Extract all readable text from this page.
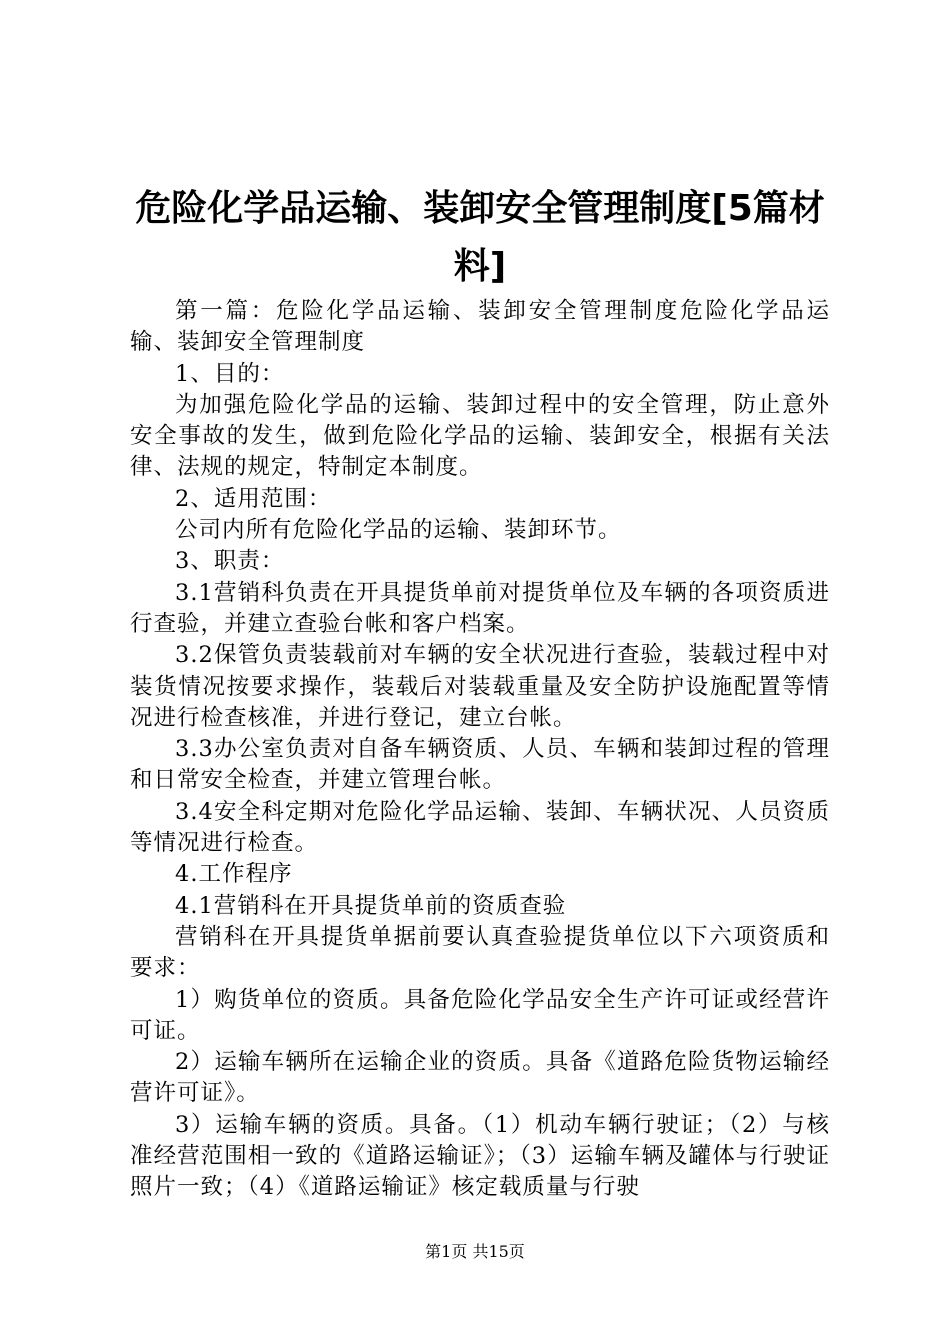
危险化学品运输、装卸安全管理制度[5篇材料]

第一篇：危险化学品运输、装卸安全管理制度危险化学品运输、装卸安全管理制度

1、目的：

为加强危险化学品的运输、装卸过程中的安全管理，防止意外安全事故的发生，做到危险化学品的运输、装卸安全，根据有关法律、法规的规定，特制定本制度。

2、适用范围：

公司内所有危险化学品的运输、装卸环节。

3、职责：

3.1营销科负责在开具提货单前对提货单位及车辆的各项资质进行查验，并建立查验台帐和客户档案。

3.2保管负责装载前对车辆的安全状况进行查验，装载过程中对装货情况按要求操作，装载后对装载重量及安全防护设施配置等情况进行检查核准，并进行登记，建立台帐。

3.3办公室负责对自备车辆资质、人员、车辆和装卸过程的管理和日常安全检查，并建立管理台帐。

3.4安全科定期对危险化学品运输、装卸、车辆状况、人员资质等情况进行检查。

4.工作程序

4.1营销科在开具提货单前的资质查验

营销科在开具提货单据前要认真查验提货单位以下六项资质和要求：

1）购货单位的资质。具备危险化学品安全生产许可证或经营许可证。

2）运输车辆所在运输企业的资质。具备《道路危险货物运输经营许可证》。

3）运输车辆的资质。具备。（1）机动车辆行驶证；（2）与核准经营范围相一致的《道路运输证》；（3）运输车辆及罐体与行驶证照片一致；（4）《道路运输证》核定载质量与行驶

第1页 共15页
